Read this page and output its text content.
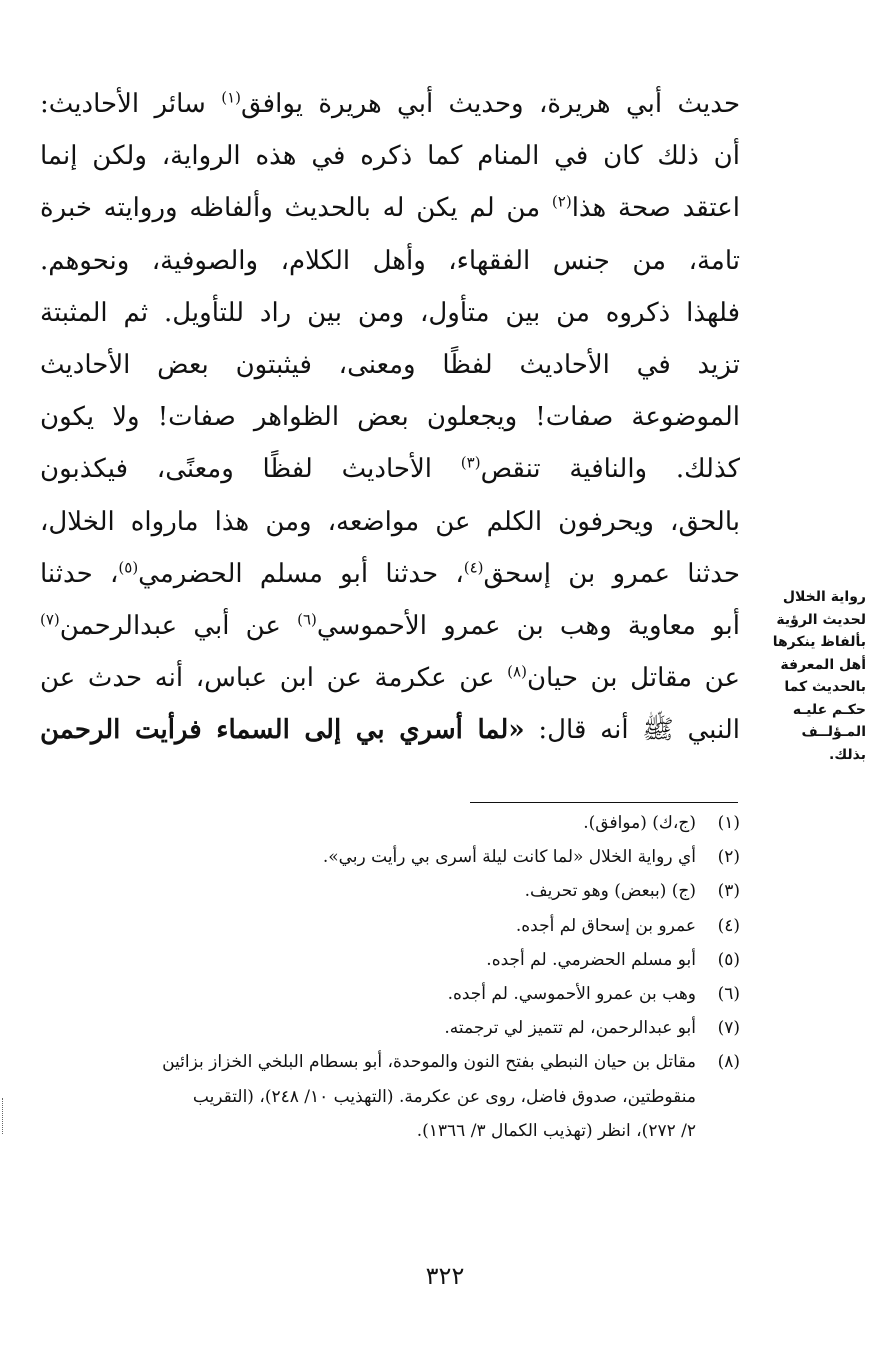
حديث أبي هريرة، وحديث أبي هريرة يوافق$^{(١)}$ سائر الأحاديث:
أن ذلك كان في المنام كما ذكره في هذه الرواية، ولكن إنما
اعتقد صحة هذا$^{(٢)}$ من لم يكن له بالحديث وألفاظه وروايته خبرة
تامة، من جنس الفقهاء، وأهل الكلام، والصوفية، ونحوهم.
فلهذا ذكروه من بين متأول، ومن بين راد للتأويل. ثم المثبتة
تزيد في الأحاديث لفظًا ومعنى، فيثبتون بعض الأحاديث
الموضوعة صفات! ويجعلون بعض الظواهر صفات! ولا يكون
كذلك. والنافية تنقص$^{(٣)}$ الأحاديث لفظًا ومعنًى، فيكذبون
بالحق، ويحرفون الكلم عن مواضعه، ومن هذا مارواه الخلال،
حدثنا عمرو بن إسحق$^{(٤)}$، حدثنا أبو مسلم الحضرمي$^{(٥)}$، حدثنا
أبو معاوية وهب بن عمرو الأحموسي$^{(٦)}$ عن أبي عبدالرحمن$^{(٧)}$
عن مقاتل بن حيان$^{(٨)}$ عن عكرمة عن ابن عباس، أنه حدث عن
النبي ﷺ أنه قال: «لما أسري بي إلى السماء فرأيت الرحمن
رواية الخلال
لحديث الرؤية
بألفاظ ينكرها
أهل المعرفة
بالحديث كما
حكـم عليـه
المـؤلــف
بذلك.
(١)
(ج،ك) (موافق).
(٢)
أي رواية الخلال «لما كانت ليلة أسرى بي رأيت ربي».
(٣)
(ج) (ببعض) وهو تحريف.
(٤)
عمرو بن إسحاق لم أجده.
(٥)
أبو مسلم الحضرمي. لم أجده.
(٦)
وهب بن عمرو الأحموسي. لم أجده.
(٧)
أبو عبدالرحمن، لم تتميز لي ترجمته.
(٨)
مقاتل بن حيان النبطي بفتح النون والموحدة، أبو بسطام البلخي الخزاز بزائين
منقوطتين، صدوق فاضل، روى عن عكرمة. (التهذيب ١٠/ ٢٤٨)، (التقريب
٢/ ٢٧٢)، انظر (تهذيب الكمال ٣/ ١٣٦٦).
٣٢٢
